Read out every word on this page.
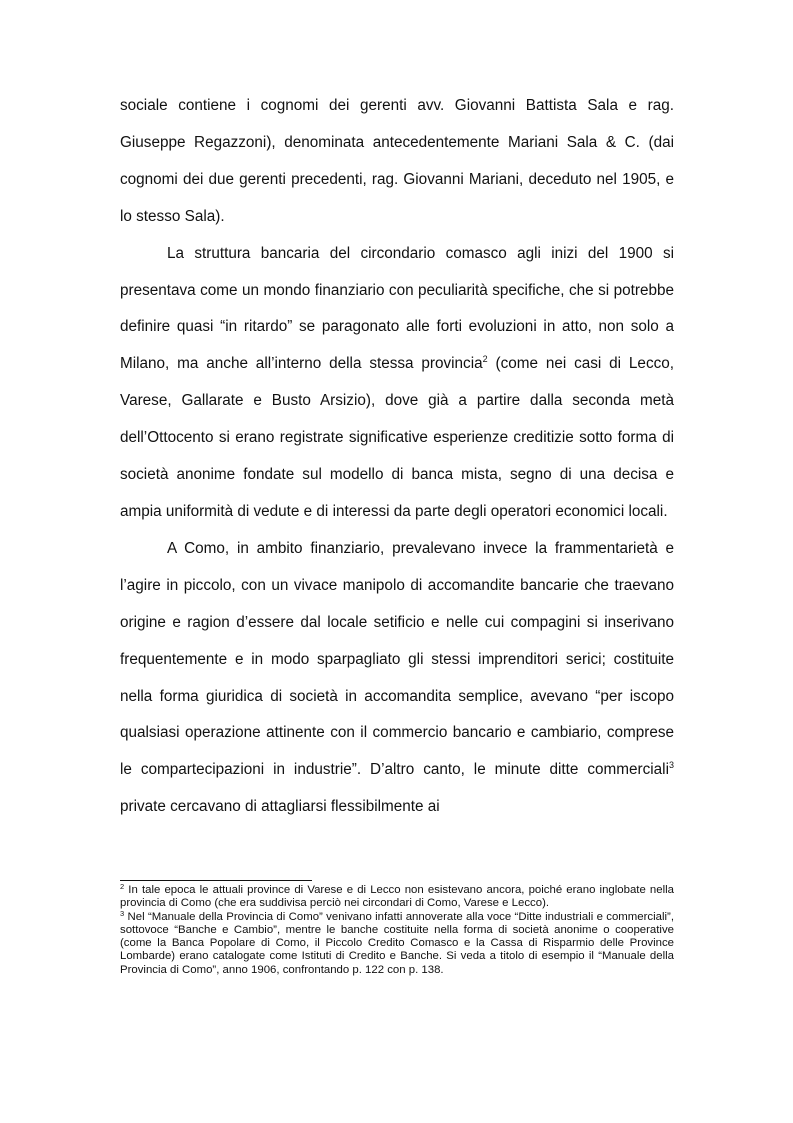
sociale contiene i cognomi dei gerenti avv. Giovanni Battista Sala e rag. Giuseppe Regazzoni), denominata antecedentemente Mariani Sala & C. (dai cognomi dei due gerenti precedenti, rag. Giovanni Mariani, deceduto nel 1905, e lo stesso Sala).

La struttura bancaria del circondario comasco agli inizi del 1900 si presentava come un mondo finanziario con peculiarità specifiche, che si potrebbe definire quasi “in ritardo” se paragonato alle forti evoluzioni in atto, non solo a Milano, ma anche all’interno della stessa provincia$^2$ (come nei casi di Lecco, Varese, Gallarate e Busto Arsizio), dove già a partire dalla seconda metà dell’Ottocento si erano registrate significative esperienze creditizie sotto forma di società anonime fondate sul modello di banca mista, segno di una decisa e ampia uniformità di vedute e di interessi da parte degli operatori economici locali.

A Como, in ambito finanziario, prevalevano invece la frammentarietà e l’agire in piccolo, con un vivace manipolo di accomandite bancarie che traevano origine e ragion d’essere dal locale setificio e nelle cui compagini si inserivano frequentemente e in modo sparpagliato gli stessi imprenditori serici; costituite nella forma giuridica di società in accomandita semplice, avevano “per iscopo qualsiasi operazione attinente con il commercio bancario e cambiario, comprese le compartecipazioni in industrie”. D’altro canto, le minute ditte commerciali$^3$ private cercavano di attagliarsi flessibilmente ai

$^2$ In tale epoca le attuali province di Varese e di Lecco non esistevano ancora, poiché erano inglobate nella provincia di Como (che era suddivisa perciò nei circondari di Como, Varese e Lecco).

$^3$ Nel “Manuale della Provincia di Como” venivano infatti annoverate alla voce “Ditte industriali e commerciali”, sottovoce “Banche e Cambio”, mentre le banche costituite nella forma di società anonime o cooperative (come la Banca Popolare di Como, il Piccolo Credito Comasco e la Cassa di Risparmio delle Province Lombarde) erano catalogate come Istituti di Credito e Banche. Si veda a titolo di esempio il “Manuale della Provincia di Como”, anno 1906, confrontando p. 122 con p. 138.
